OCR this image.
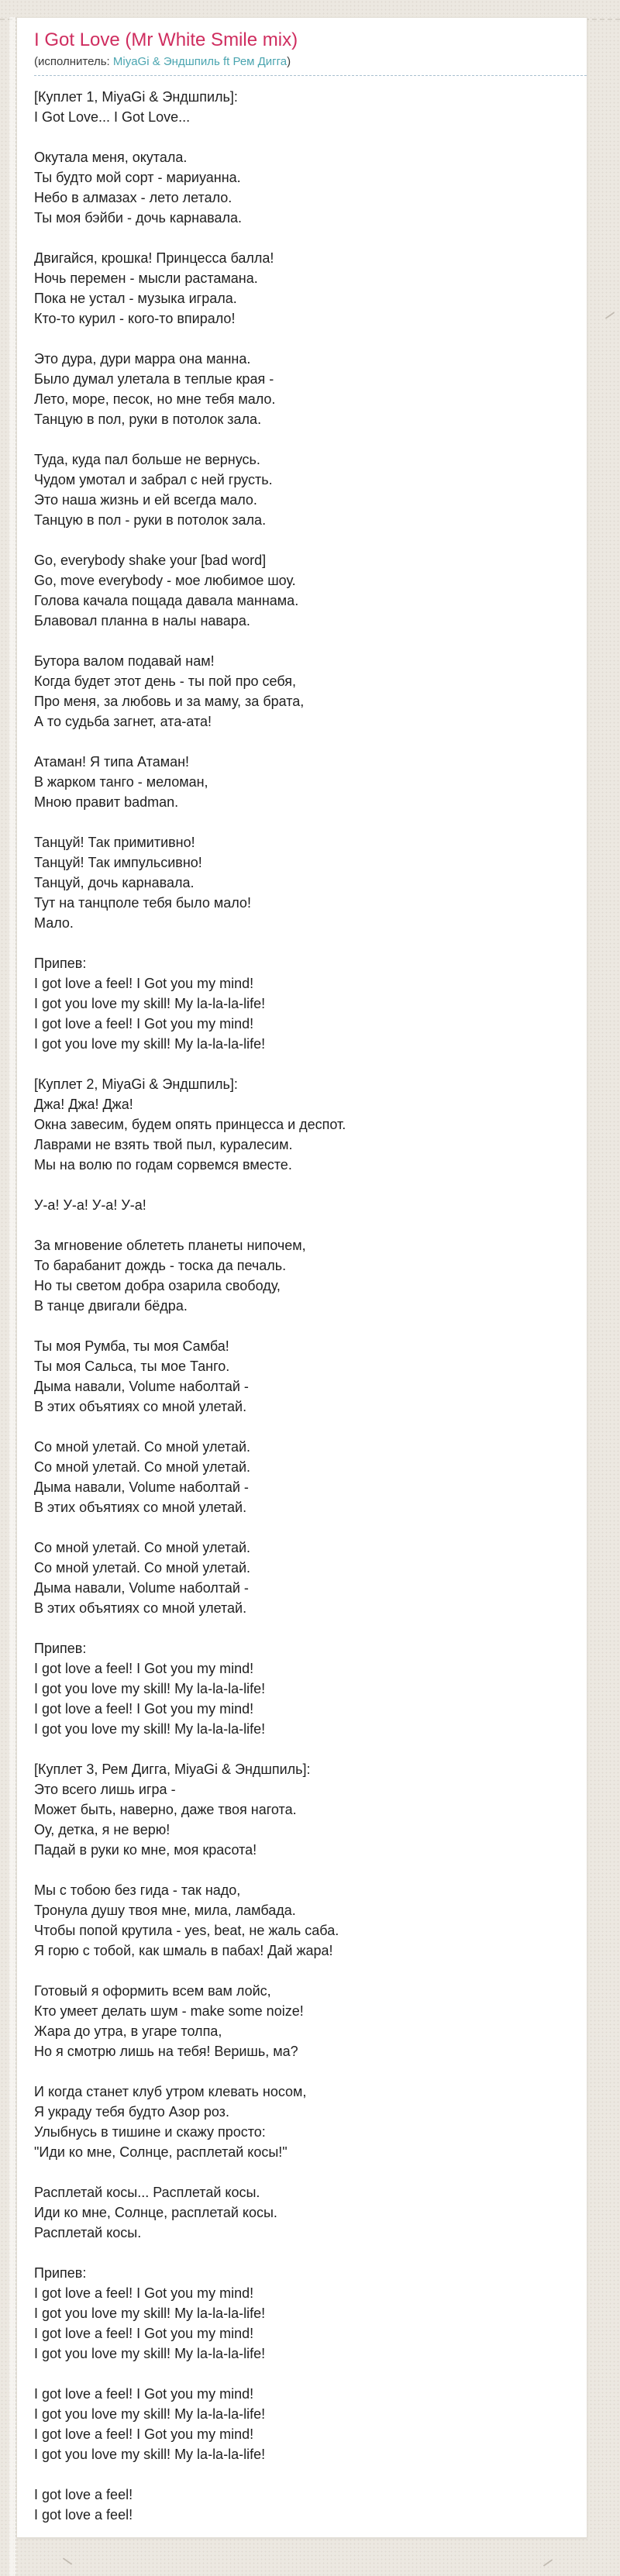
I Got Love (Mr White Smile mix)
(исполнитель: MiyaGi & Эндшпиль ft Рем Дигга)

[Куплет 1, MiyaGi & Эндшпиль]:
I Got Love... I Got Love...

Окутала меня, окутала.
Ты будто мой сорт - мариуанна.
Небо в алмазах - лето летало.
Ты моя бэйби - дочь карнавала.

Двигайся, крошка! Принцесса балла!
Ночь перемен - мысли растамана.
Пока не устал - музыка играла.
Кто-то курил - кого-то впирало!

Это дура, дури марра она манна.
Было думал улетала в теплые края -
Лето, море, песок, но мне тебя мало.
Танцую в пол, руки в потолок зала.

Туда, куда пал больше не вернусь.
Чудом умотал и забрал с ней грусть.
Это наша жизнь и ей всегда мало.
Танцую в пол - руки в потолок зала.

Go, everybody shake your [bad word]
Go, move everybody - мое любимое шоу.
Голова качала пощада давала маннама.
Блавовал планна в налы навара.

Бутора валом подавай нам!
Когда будет этот день - ты пой про себя,
Про меня, за любовь и за маму, за брата,
А то судьба загнет, ата-ата!

Атаман! Я типа Атаман!
В жарком танго - меломан,
Мною правит badman.

Танцуй! Так примитивно!
Танцуй! Так импульсивно!
Танцуй, дочь карнавала.
Тут на танцполе тебя было мало!
Мало.

Припев:
I got love a feel! I Got you my mind!
I got you love my skill! My la-la-la-life!
I got love a feel! I Got you my mind!
I got you love my skill! My la-la-la-life!

[Куплет 2, MiyaGi & Эндшпиль]:
Джа! Джа! Джа!
Окна завесим, будем опять принцесса и деспот.
Лаврами не взять твой пыл, куралесим.
Мы на волю по годам сорвемся вместе.

У-а! У-а! У-а! У-а!

За мгновение облететь планеты нипочем,
То барабанит дождь - тоска да печаль.
Но ты светом добра озарила свободу,
В танце двигали бёдра.

Ты моя Румба, ты моя Самба!
Ты моя Сальса, ты мое Танго.
Дыма навали, Volume наболтай -
В этих объятиях со мной улетай.

Со мной улетай. Со мной улетай.
Со мной улетай. Со мной улетай.
Дыма навали, Volume наболтай -
В этих объятиях со мной улетай.

Со мной улетай. Со мной улетай.
Со мной улетай. Со мной улетай.
Дыма навали, Volume наболтай -
В этих объятиях со мной улетай.

Припев:
I got love a feel! I Got you my mind!
I got you love my skill! My la-la-la-life!
I got love a feel! I Got you my mind!
I got you love my skill! My la-la-la-life!

[Куплет 3, Рем Дигга, MiyaGi & Эндшпиль]:
Это всего лишь игра -
Может быть, наверно, даже твоя нагота.
Оу, детка, я не верю!
Падай в руки ко мне, моя красота!

Мы с тобою без гида - так надо,
Тронула душу твоя мне, мила, ламбада.
Чтобы попой крутила - yes, beat, не жаль саба.
Я горю с тобой, как шмаль в пабах! Дай жара!

Готовый я оформить всем вам лойс,
Кто умеет делать шум - make some noize!
Жара до утра, в угаре толпа,
Но я смотрю лишь на тебя! Веришь, ма?

И когда станет клуб утром клевать носом,
Я украду тебя будто Азор роз.
Улыбнусь в тишине и скажу просто:
"Иди ко мне, Солнце, расплетай косы!"

Расплетай косы... Расплетай косы.
Иди ко мне, Солнце, расплетай косы.
Расплетай косы.

Припев:
I got love a feel! I Got you my mind!
I got you love my skill! My la-la-la-life!
I got love a feel! I Got you my mind!
I got you love my skill! My la-la-la-life!

I got love a feel! I Got you my mind!
I got you love my skill! My la-la-la-life!
I got love a feel! I Got you my mind!
I got you love my skill! My la-la-la-life!

I got love a feel!
I got love a feel!
